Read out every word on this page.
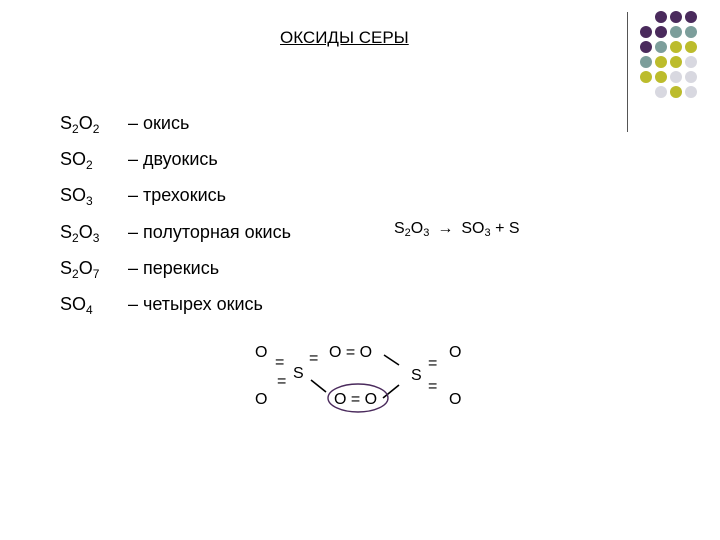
ОКСИДЫ СЕРЫ
$S_2O_2$ – окись
$SO_2$ – двуокись
$SO_3$ – трехокись
$S_2O_3$ – полуторная окись
$S_2O_7$ – перекись
$SO_4$ – четырех окись
S2O3 → SO3 + S
O
O
=
= S
= O = O
O = O
S
=
=
O
O
